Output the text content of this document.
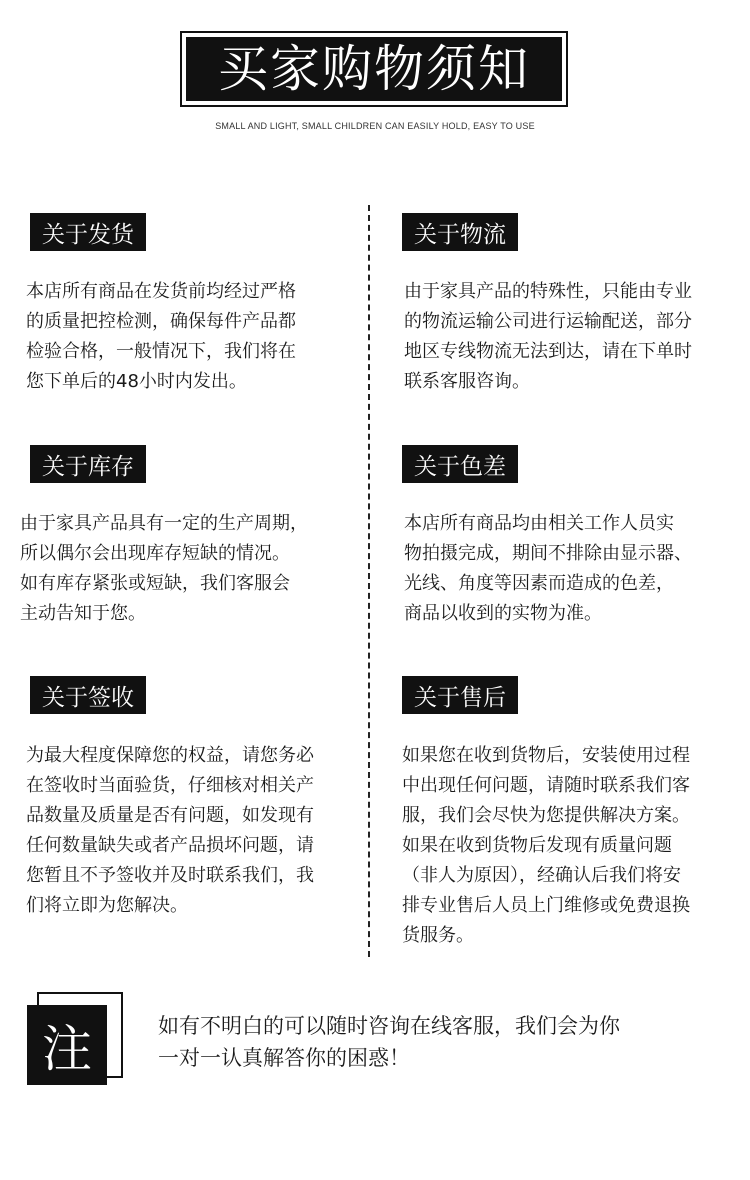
买家购物须知
SMALL AND LIGHT, SMALL CHILDREN CAN EASILY HOLD, EASY TO USE
关于发货
本店所有商品在发货前均经过严格
的质量把控检测，确保每件产品都
检验合格，一般情况下，我们将在
您下单后的48小时内发出。
关于物流
由于家具产品的特殊性，只能由专业
的物流运输公司进行运输配送，部分
地区专线物流无法到达，请在下单时
联系客服咨询。
关于库存
由于家具产品具有一定的生产周期，
所以偶尔会出现库存短缺的情况。
如有库存紧张或短缺，我们客服会
主动告知于您。
关于色差
本店所有商品均由相关工作人员实
物拍摄完成，期间不排除由显示器、
光线、角度等因素而造成的色差，
商品以收到的实物为准。
关于签收
为最大程度保障您的权益，请您务必
在签收时当面验货，仔细核对相关产
品数量及质量是否有问题，如发现有
任何数量缺失或者产品损坏问题，请
您暂且不予签收并及时联系我们，我
们将立即为您解决。
关于售后
如果您在收到货物后，安装使用过程
中出现任何问题，请随时联系我们客
服，我们会尽快为您提供解决方案。
如果在收到货物后发现有质量问题
（非人为原因），经确认后我们将安
排专业售后人员上门维修或免费退换
货服务。
注	如有不明白的可以随时咨询在线客服，我们会为你
一对一认真解答你的困惑！
